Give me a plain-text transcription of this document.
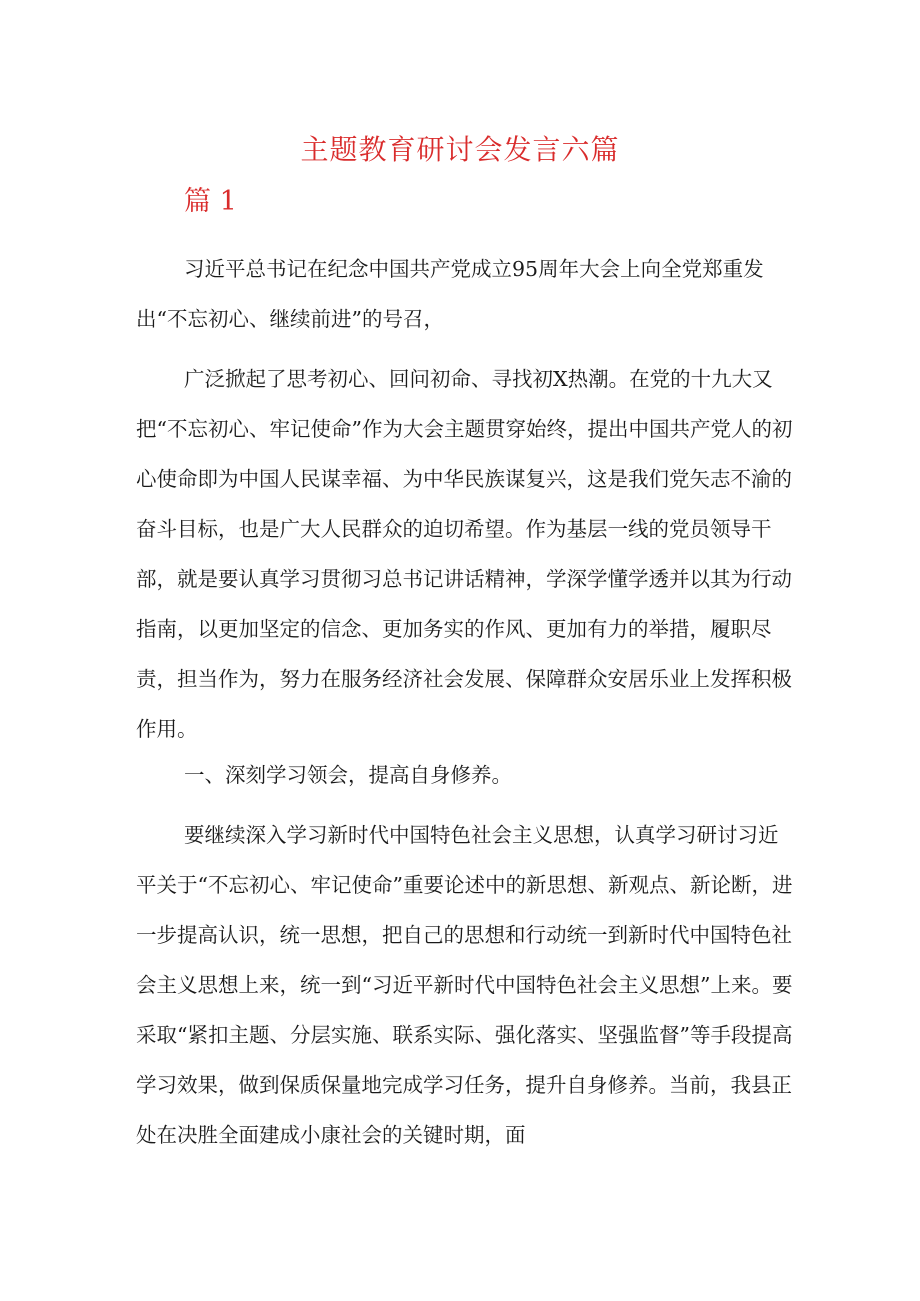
主题教育研讨会发言六篇
篇 1

习近平总书记在纪念中国共产党成立95周年大会上向全党郑重发出“不忘初心、继续前进”的号召，

广泛掀起了思考初心、回问初命、寻找初X热潮。在党的十九大又把“不忘初心、牢记使命”作为大会主题贯穿始终，提出中国共产党人的初心使命即为中国人民谋幸福、为中华民族谋复兴，这是我们党矢志不渝的奋斗目标，也是广大人民群众的迫切希望。作为基层一线的党员领导干部，就是要认真学习贯彻习总书记讲话精神，学深学懂学透并以其为行动指南，以更加坚定的信念、更加务实的作风、更加有力的举措，履职尽责，担当作为，努力在服务经济社会发展、保障群众安居乐业上发挥积极作用。

一、深刻学习领会，提高自身修养。

要继续深入学习新时代中国特色社会主义思想，认真学习研讨习近平关于“不忘初心、牢记使命”重要论述中的新思想、新观点、新论断，进一步提高认识，统一思想，把自己的思想和行动统一到新时代中国特色社会主义思想上来，统一到“习近平新时代中国特色社会主义思想”上来。要采取“紧扣主题、分层实施、联系实际、强化落实、坚强监督”等手段提高学习效果，做到保质保量地完成学习任务，提升自身修养。当前，我县正处在决胜全面建成小康社会的关键时期，面
